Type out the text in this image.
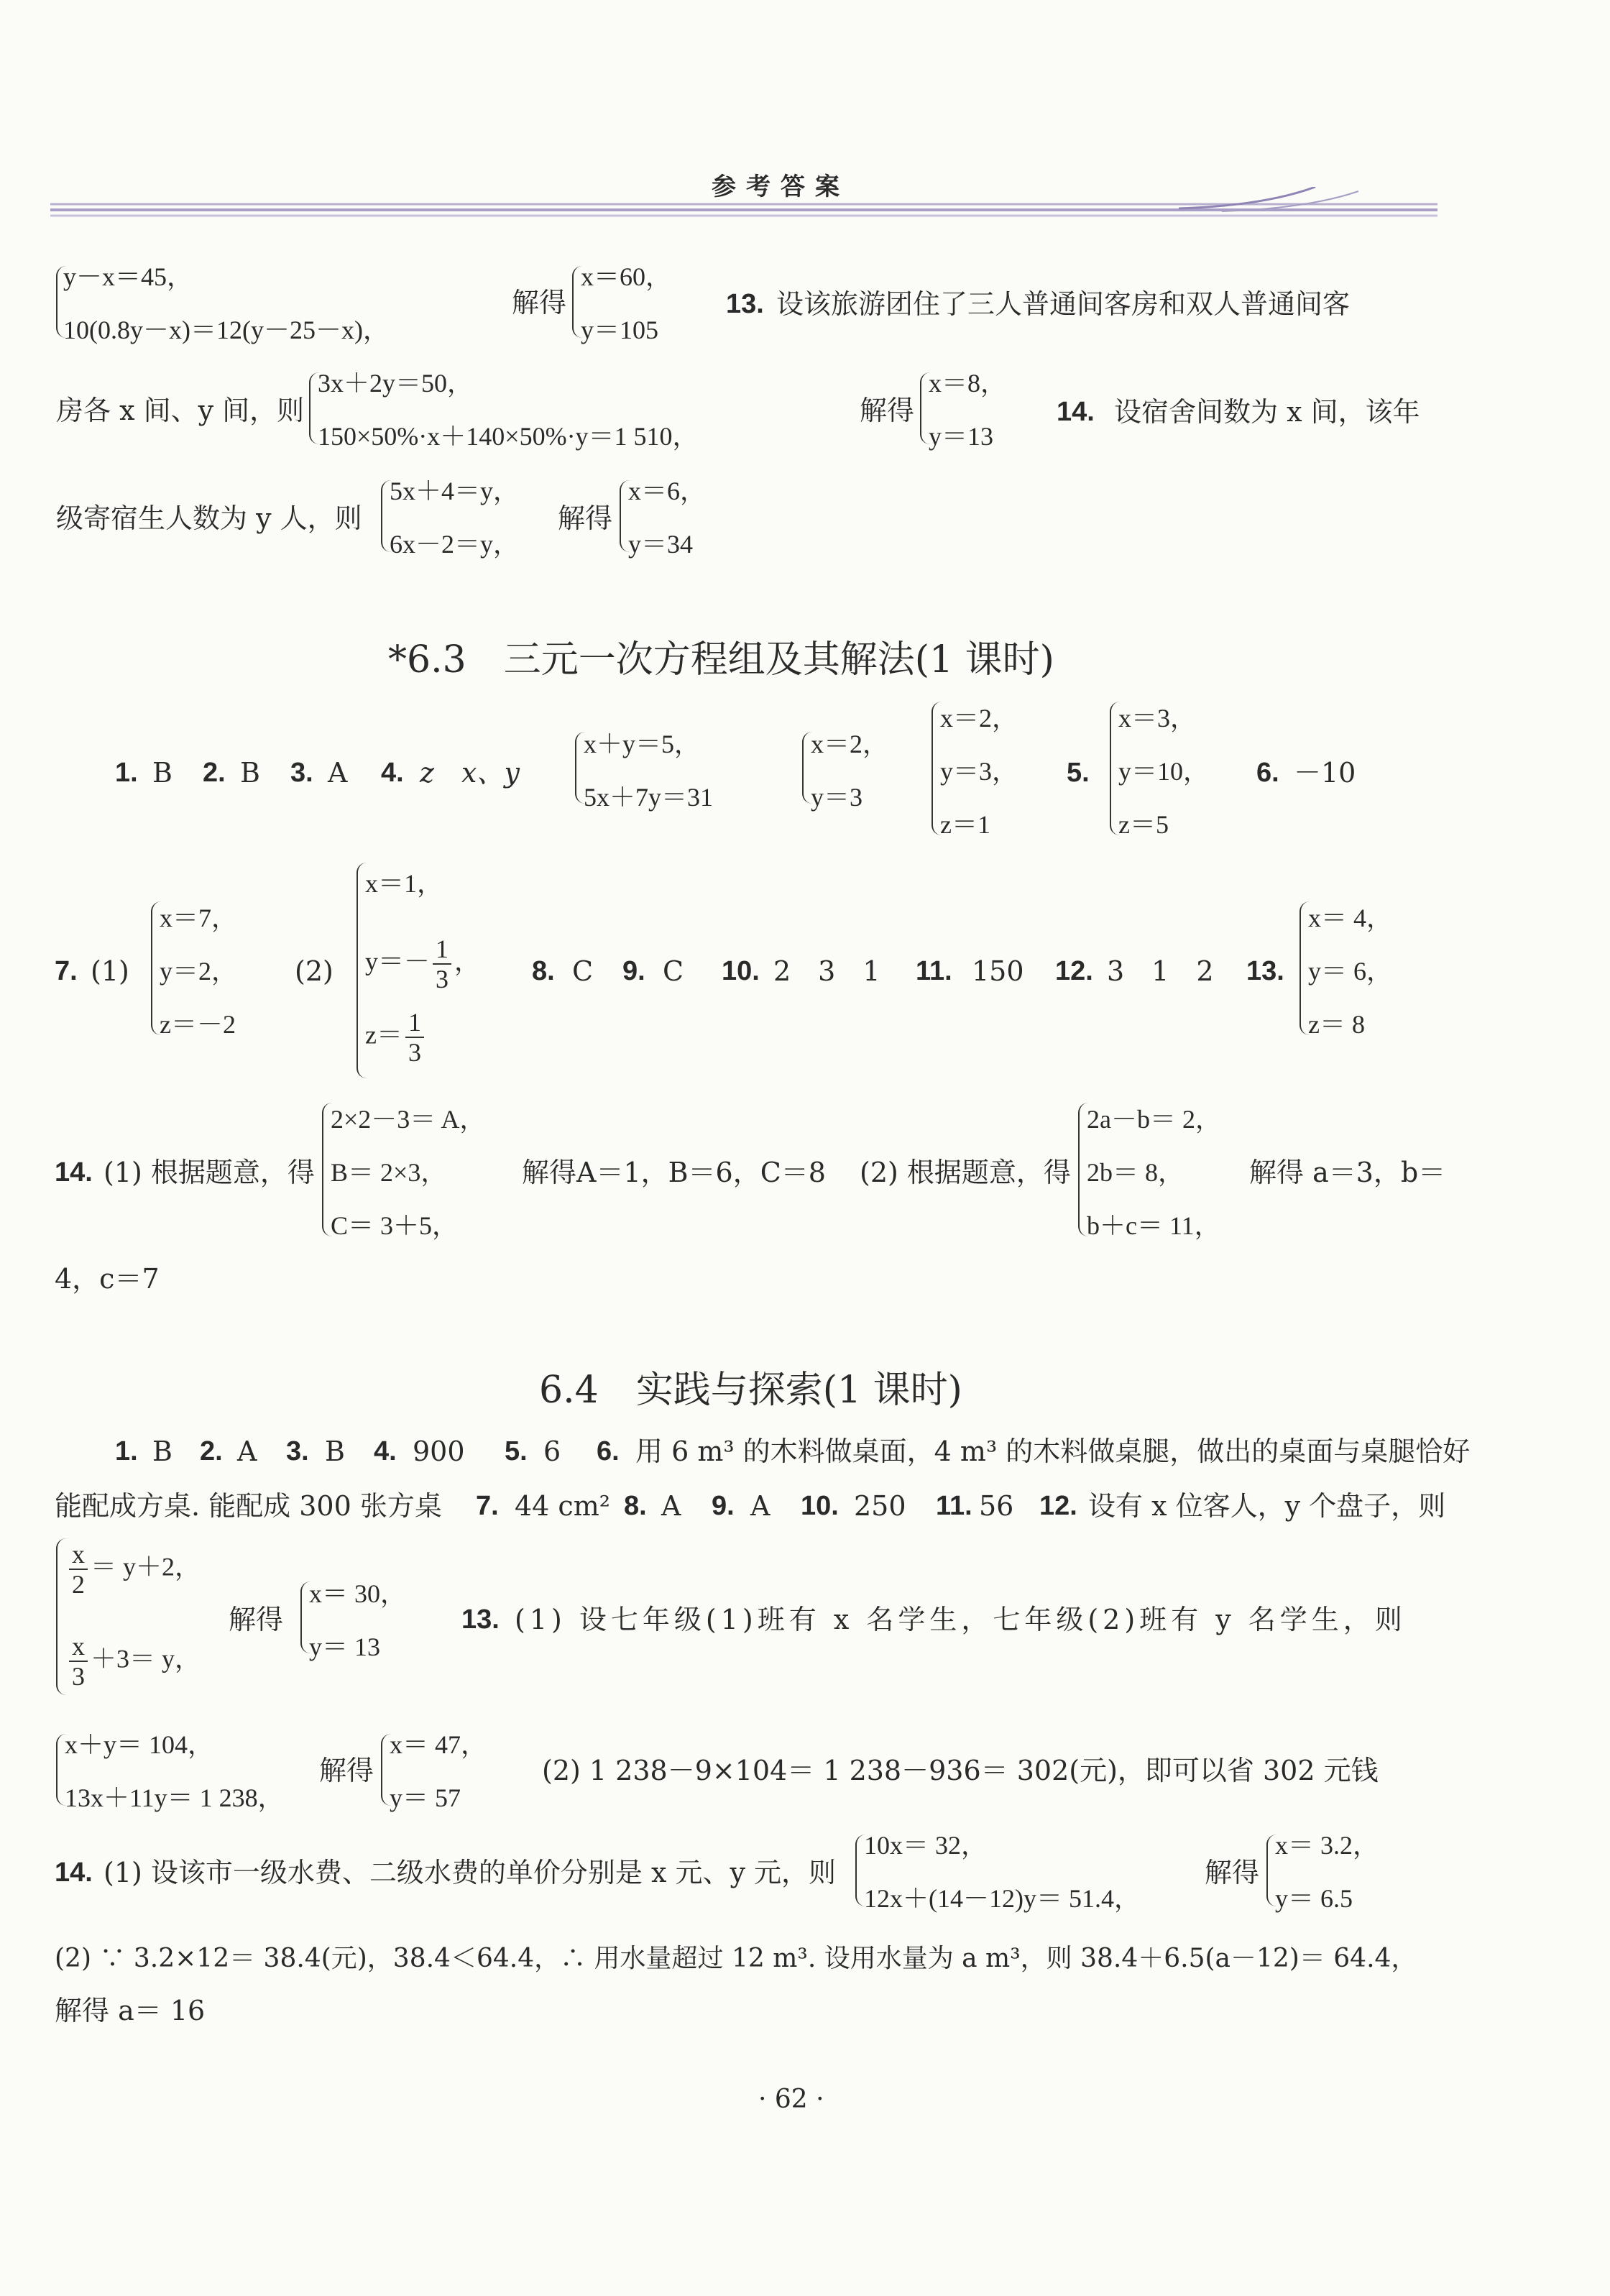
参考答案
y－x＝45，
10(0.8y－x)＝12(y－25－x)，
解得
x＝60，
y＝105
13. 设该旅游团住了三人普通间客房和双人普通间客
房各 x 间、y 间，则
3x＋2y＝50，
150×50%·x＋140×50%·y＝1 510，
解得
x＝8，
y＝13
14. 设宿舍间数为 x 间，该年
级寄宿生人数为 y 人，则
5x＋4＝y，
6x－2＝y，
解得
x＝6，
y＝34
*6.3　三元一次方程组及其解法(1 课时)
1. B 2. B 3. A 4. z　x、y
x＋y＝5，
5x＋7y＝31
x＝2，
y＝3
x＝2，
y＝3，
z＝1
5.
x＝3，
y＝10，
z＝5
6. －10
7. (1)
x＝7，
y＝2，
z＝－2
(2)
x＝1，
$y=- \frac{1}{3}$ ，
$z= \frac{1}{3}$
8. C 9. C 10. 2　3　1 11. 150 12. 3　1　2 13.
x＝ 4，
y＝ 6，
z＝ 8
14. (1) 根据题意，得
2×2－3＝ A，
B＝ 2×3，
C＝ 3＋5，
解得A＝1，B＝6，C＝8 (2) 根据题意，得
2a－b＝ 2，
2b＝ 8，
b＋c＝ 11，
解得 a＝3，b＝
4，c＝7
6.4　实践与探索(1 课时)
1. B 2. A 3. B 4. 900 5. 6 6. 用 6 m³ 的木料做桌面，4 m³ 的木料做桌腿，做出的桌面与桌腿恰好
能配成方桌. 能配成 300 张方桌 7. 44 cm² 8. A 9. A 10. 250 11. 56 12. 设有 x 位客人，y 个盘子，则
$\frac{x}{2} = y+2$，
$\frac{x}{3} +3= y$，
解得
x＝ 30，
y＝ 13
13. (1) 设七年级(1)班有 x 名学生，七年级(2)班有 y 名学生，则
x＋y＝ 104，
13x＋11y＝ 1 238，
解得
x＝ 47，
y＝ 57
(2) 1 238－9×104＝ 1 238－936＝ 302(元)，即可以省 302 元钱
14. (1) 设该市一级水费、二级水费的单价分别是 x 元、y 元，则
10x＝ 32，
12x＋(14－12)y＝ 51.4，
解得
x＝ 3.2，
y＝ 6.5
(2) ∵ 3.2×12＝ 38.4(元)，38.4＜64.4，∴ 用水量超过 12 m³. 设用水量为 a m³，则 38.4＋6.5(a－12)＝ 64.4，
解得 a＝ 16
· 62 ·
